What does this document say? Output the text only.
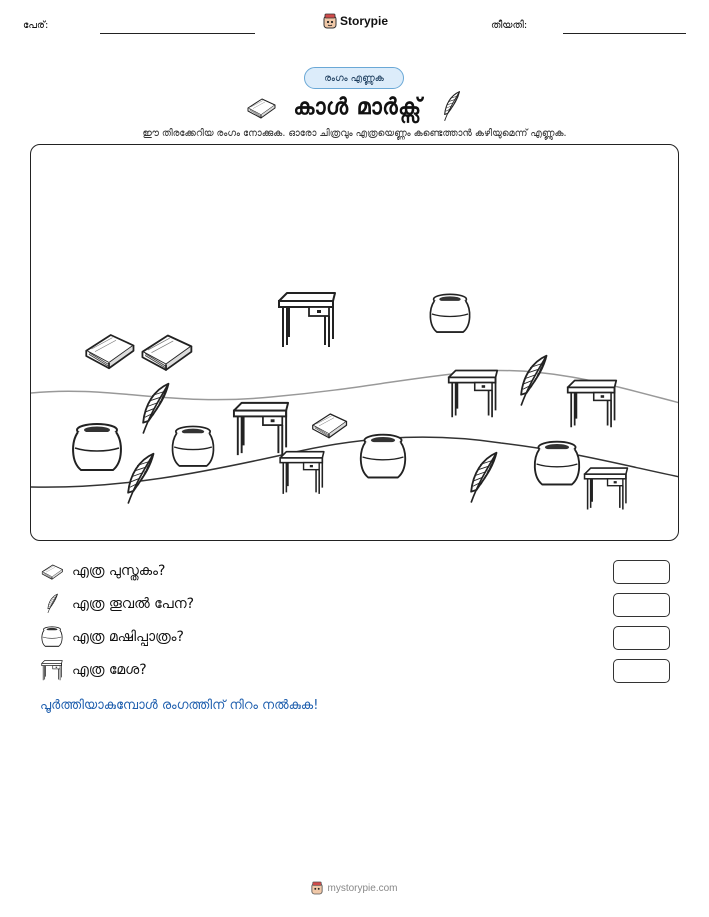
പേര്:	Storypie	തീയതി:
രംഗം എണ്ണുക
കാൾ മാർക്സ്
ഈ തിരക്കേറിയ രംഗം നോക്കുക. ഓരോ ചിത്രവും എത്രയെണ്ണം കണ്ടെത്താൻ കഴിയുമെന്ന് എണ്ണുക.
എത്ര പുസ്തകം?
എത്ര തൂവൽ പേന?
എത്ര മഷിപ്പാത്രം?
എത്ര മേശ?
പൂർത്തിയാകുമ്പോൾ രംഗത്തിന് നിറം നൽകുക!
mystorypie.com
